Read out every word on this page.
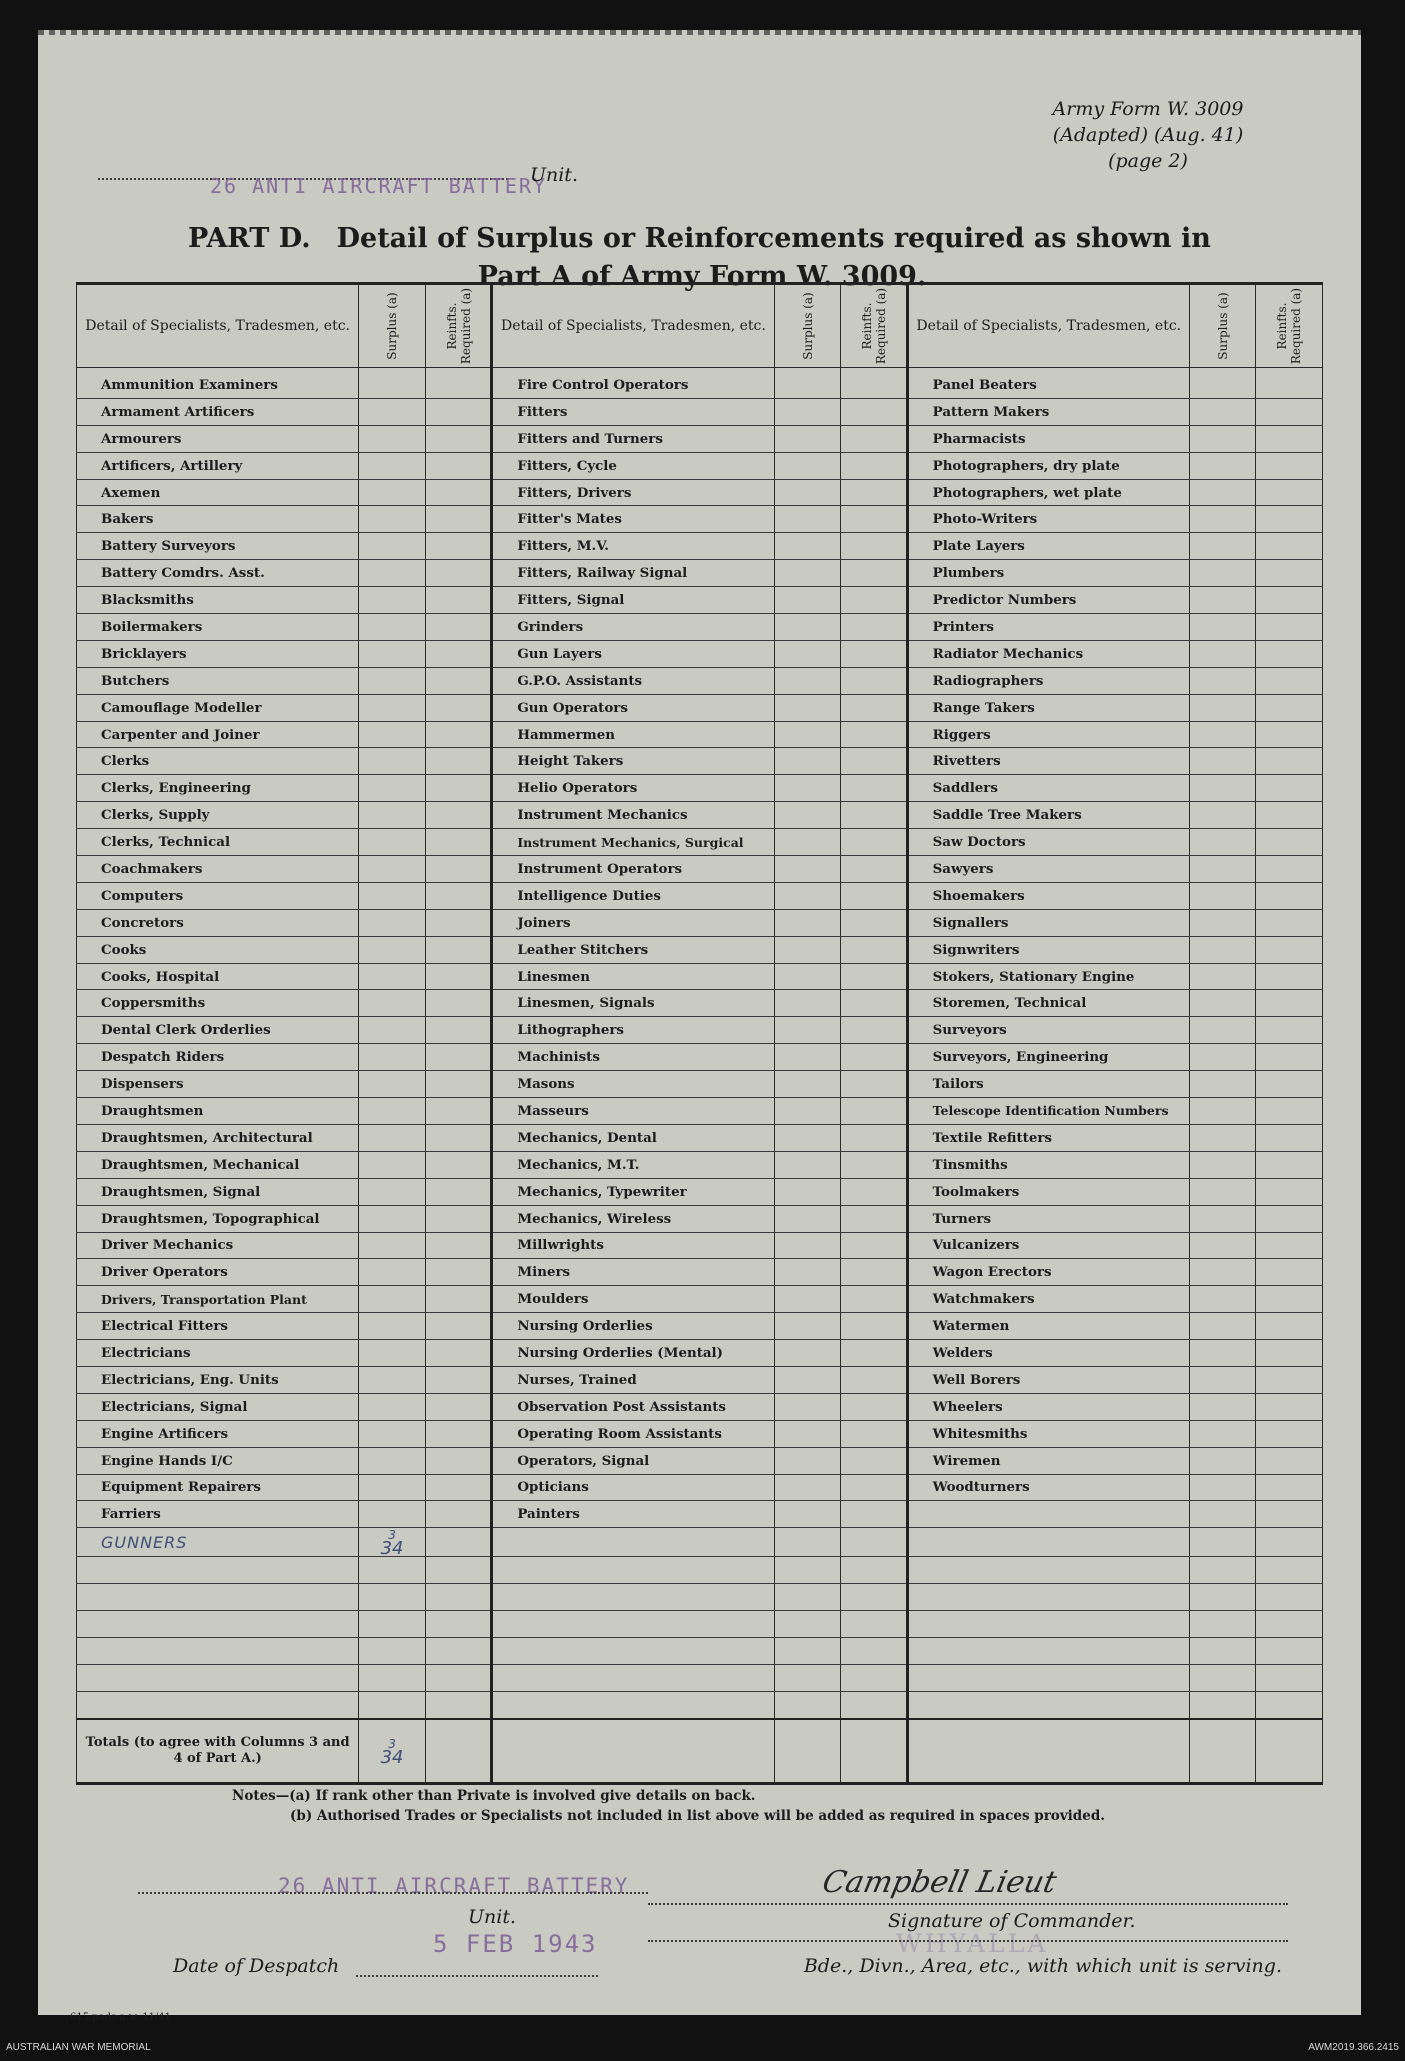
Army Form W. 3009
(Adapted) (Aug. 41)
(page 2)
26 ANTI AIRCRAFT BATTERY
Unit.
PART D. Detail of Surplus or Reinforcements required as shown in
Part A of Army Form W. 3009.
Detail of Specialists, Tradesmen, etc.	Surplus (a)	Reinfts. Required (a)	Detail of Specialists, Tradesmen, etc.	Surplus (a)	Reinfts. Required (a)	Detail of Specialists, Tradesmen, etc.	Surplus (a)	Reinfts. Required (a)

Ammunition Examiners			Fire Control Operators			Panel Beaters		
Armament Artificers			Fitters			Pattern Makers		
Armourers			Fitters and Turners			Pharmacists		
Artificers, Artillery			Fitters, Cycle			Photographers, dry plate		
Axemen			Fitters, Drivers			Photographers, wet plate		
Bakers			Fitter's Mates			Photo-Writers		
Battery Surveyors			Fitters, M.V.			Plate Layers		
Battery Comdrs. Asst.			Fitters, Railway Signal			Plumbers		
Blacksmiths			Fitters, Signal			Predictor Numbers		
Boilermakers			Grinders			Printers		
Bricklayers			Gun Layers			Radiator Mechanics		
Butchers			G.P.O. Assistants			Radiographers		
Camouflage Modeller			Gun Operators			Range Takers		
Carpenter and Joiner			Hammermen			Riggers		
Clerks			Height Takers			Rivetters		
Clerks, Engineering			Helio Operators			Saddlers		
Clerks, Supply			Instrument Mechanics			Saddle Tree Makers		
Clerks, Technical			Instrument Mechanics, Surgical			Saw Doctors		
Coachmakers			Instrument Operators			Sawyers		
Computers			Intelligence Duties			Shoemakers		
Concretors			Joiners			Signallers		
Cooks			Leather Stitchers			Signwriters		
Cooks, Hospital			Linesmen			Stokers, Stationary Engine		
Coppersmiths			Linesmen, Signals			Storemen, Technical		
Dental Clerk Orderlies			Lithographers			Surveyors		
Despatch Riders			Machinists			Surveyors, Engineering		
Dispensers			Masons			Tailors		
Draughtsmen			Masseurs			Telescope Identification Numbers		
Draughtsmen, Architectural			Mechanics, Dental			Textile Refitters		
Draughtsmen, Mechanical			Mechanics, M.T.			Tinsmiths		
Draughtsmen, Signal			Mechanics, Typewriter			Toolmakers		
Draughtsmen, Topographical			Mechanics, Wireless			Turners		
Driver Mechanics			Millwrights			Vulcanizers		
Driver Operators			Miners			Wagon Erectors		
Drivers, Transportation Plant			Moulders			Watchmakers		
Electrical Fitters			Nursing Orderlies			Watermen		
Electricians			Nursing Orderlies (Mental)			Welders		
Electricians, Eng. Units			Nurses, Trained			Well Borers		
Electricians, Signal			Observation Post Assistants			Wheelers		
Engine Artificers			Operating Room Assistants			Whitesmiths		
Engine Hands I/C			Operators, Signal			Wiremen		
Equipment Repairers			Opticians			Woodturners		
Farriers			Painters					
GUNNERS	3
34							

Totals (to agree with Columns 3 and 4 of Part A.)	3
34							
Notes—(a) If rank other than Private is involved give details on back.
(b) Authorised Trades or Specialists not included in list above will be added as required in spaces provided.
26 ANTI AIRCRAFT BATTERY
Unit.
5 FEB 1943
Campbell Lieut
Signature of Commander.
WHYALLA
Date of Despatch	Bde., Divn., Area, etc., with which unit is serving.
615 pads a.w. 11/41
AUSTRALIAN WAR MEMORIAL	AWM2019.366.2415
